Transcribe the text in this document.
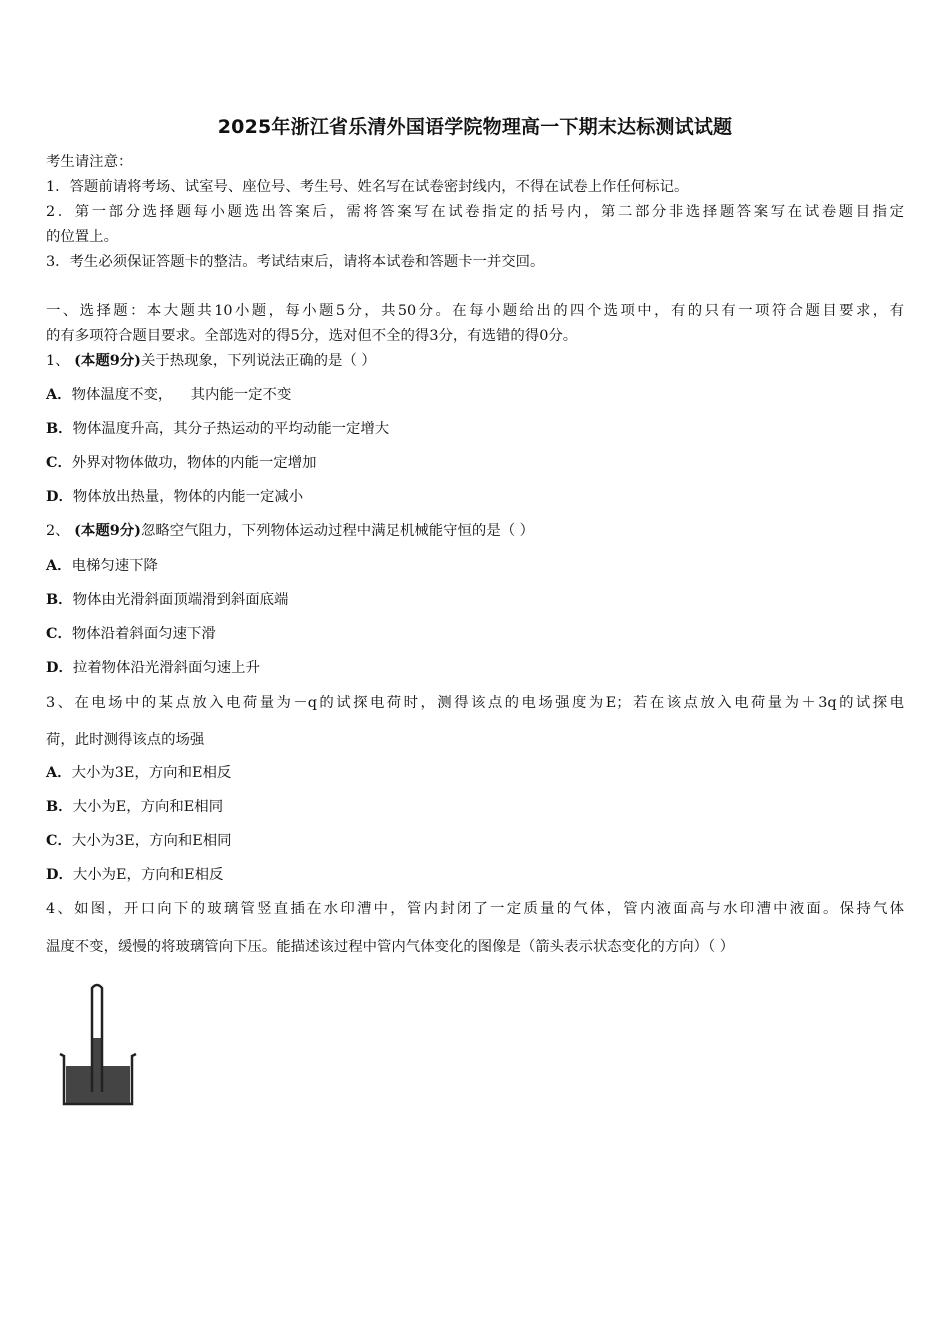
2025年浙江省乐清外国语学院物理高一下期末达标测试试题
考生请注意：
1．答题前请将考场、试室号、座位号、考生号、姓名写在试卷密封线内，不得在试卷上作任何标记。
2．第一部分选择题每小题选出答案后，需将答案写在试卷指定的括号内，第二部分非选择题答案写在试卷题目指定
的位置上。
3．考生必须保证答题卡的整洁。考试结束后，请将本试卷和答题卡一并交回。
一、选择题：本大题共10小题，每小题5分，共50分。在每小题给出的四个选项中，有的只有一项符合题目要求，有
的有多项符合题目要求。全部选对的得5分，选对但不全的得3分，有选错的得0分。
1、 (本题9分)关于热现象，下列说法正确的是（ ）
A．物体温度不变，    其内能一定不变
B．物体温度升高，其分子热运动的平均动能一定增大
C．外界对物体做功，物体的内能一定增加
D．物体放出热量，物体的内能一定减小
2、 (本题9分)忽略空气阻力，下列物体运动过程中满足机械能守恒的是（ ）
A．电梯匀速下降
B．物体由光滑斜面顶端滑到斜面底端
C．物体沿着斜面匀速下滑
D．拉着物体沿光滑斜面匀速上升
3、在电场中的某点放入电荷量为－q的试探电荷时，测得该点的电场强度为E；若在该点放入电荷量为＋3q的试探电
荷，此时测得该点的场强
A．大小为3E，方向和E相反
B．大小为E，方向和E相同
C．大小为3E，方向和E相同
D．大小为E，方向和E相反
4、如图，开口向下的玻璃管竖直插在水印漕中，管内封闭了一定质量的气体，管内液面高与水印漕中液面。保持气体
温度不变，缓慢的将玻璃管向下压。能描述该过程中管内气体变化的图像是（箭头表示状态变化的方向）（ ）
